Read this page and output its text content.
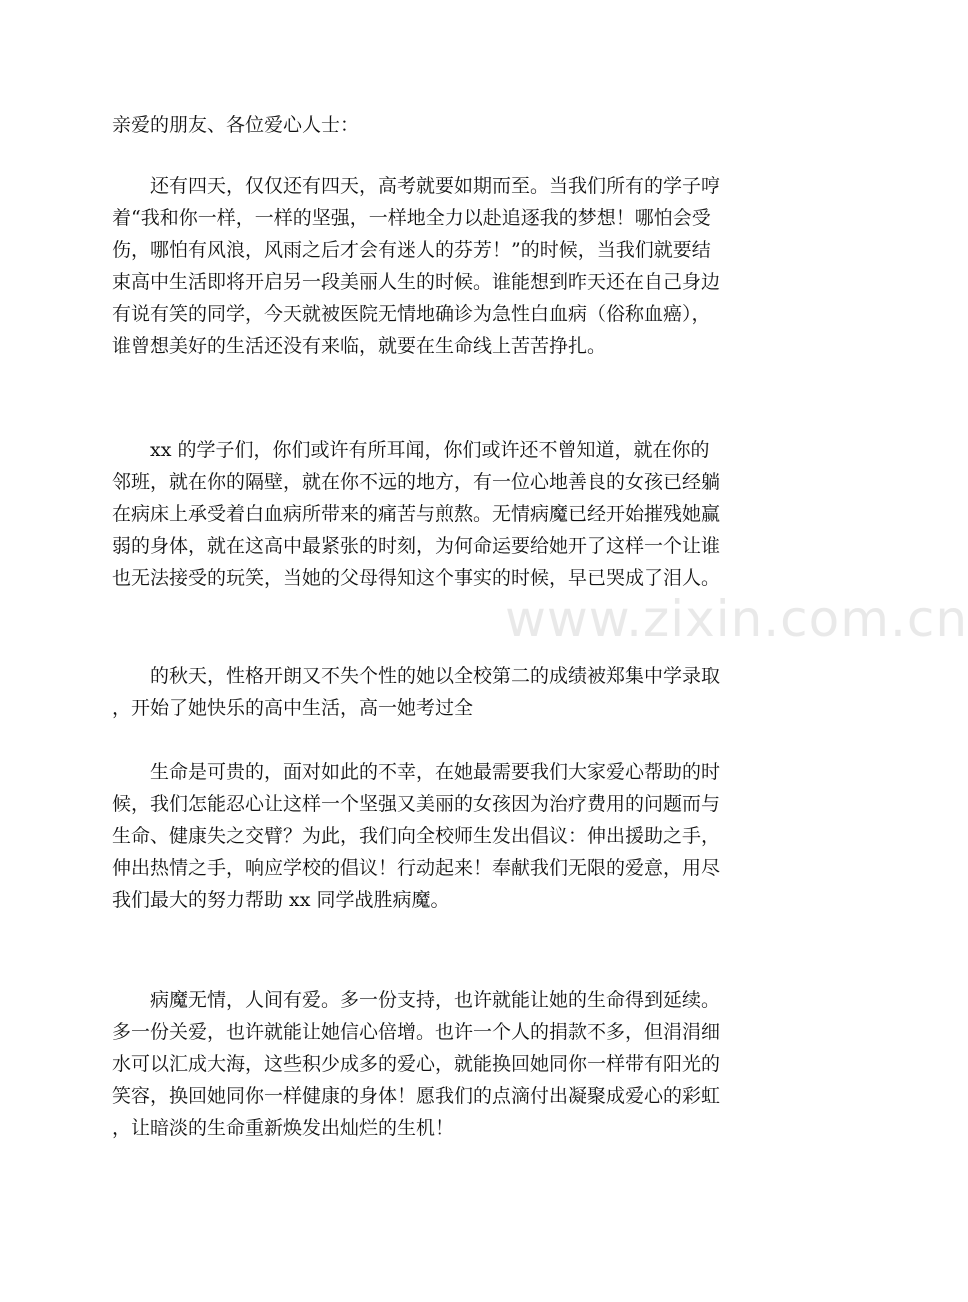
亲爱的朋友、各位爱心人士：
还有四天，仅仅还有四天，高考就要如期而至。当我们所有的学子哼
着“我和你一样，一样的坚强，一样地全力以赴追逐我的梦想！哪怕会受
伤，哪怕有风浪，风雨之后才会有迷人的芬芳！”的时候，当我们就要结
束高中生活即将开启另一段美丽人生的时候。谁能想到昨天还在自己身边
有说有笑的同学，今天就被医院无情地确诊为急性白血病（俗称血癌），
谁曾想美好的生活还没有来临，就要在生命线上苦苦挣扎。
xx 的学子们，你们或许有所耳闻，你们或许还不曾知道，就在你的
邻班，就在你的隔壁，就在你不远的地方，有一位心地善良的女孩已经躺
在病床上承受着白血病所带来的痛苦与煎熬。无情病魔已经开始摧残她赢
弱的身体，就在这高中最紧张的时刻，为何命运要给她开了这样一个让谁
也无法接受的玩笑，当她的父母得知这个事实的时候，早已哭成了泪人。
的秋天，性格开朗又不失个性的她以全校第二的成绩被郑集中学录取
，开始了她快乐的高中生活，高一她考过全
生命是可贵的，面对如此的不幸，在她最需要我们大家爱心帮助的时
候，我们怎能忍心让这样一个坚强又美丽的女孩因为治疗费用的问题而与
生命、健康失之交臂？为此，我们向全校师生发出倡议：伸出援助之手，
伸出热情之手，响应学校的倡议！行动起来！奉献我们无限的爱意，用尽
我们最大的努力帮助 xx 同学战胜病魔。
病魔无情，人间有爱。多一份支持，也许就能让她的生命得到延续。
多一份关爱，也许就能让她信心倍增。也许一个人的捐款不多，但涓涓细
水可以汇成大海，这些积少成多的爱心，就能换回她同你一样带有阳光的
笑容，换回她同你一样健康的身体！愿我们的点滴付出凝聚成爱心的彩虹
，让暗淡的生命重新焕发出灿烂的生机！
www.zixin.com.cn
